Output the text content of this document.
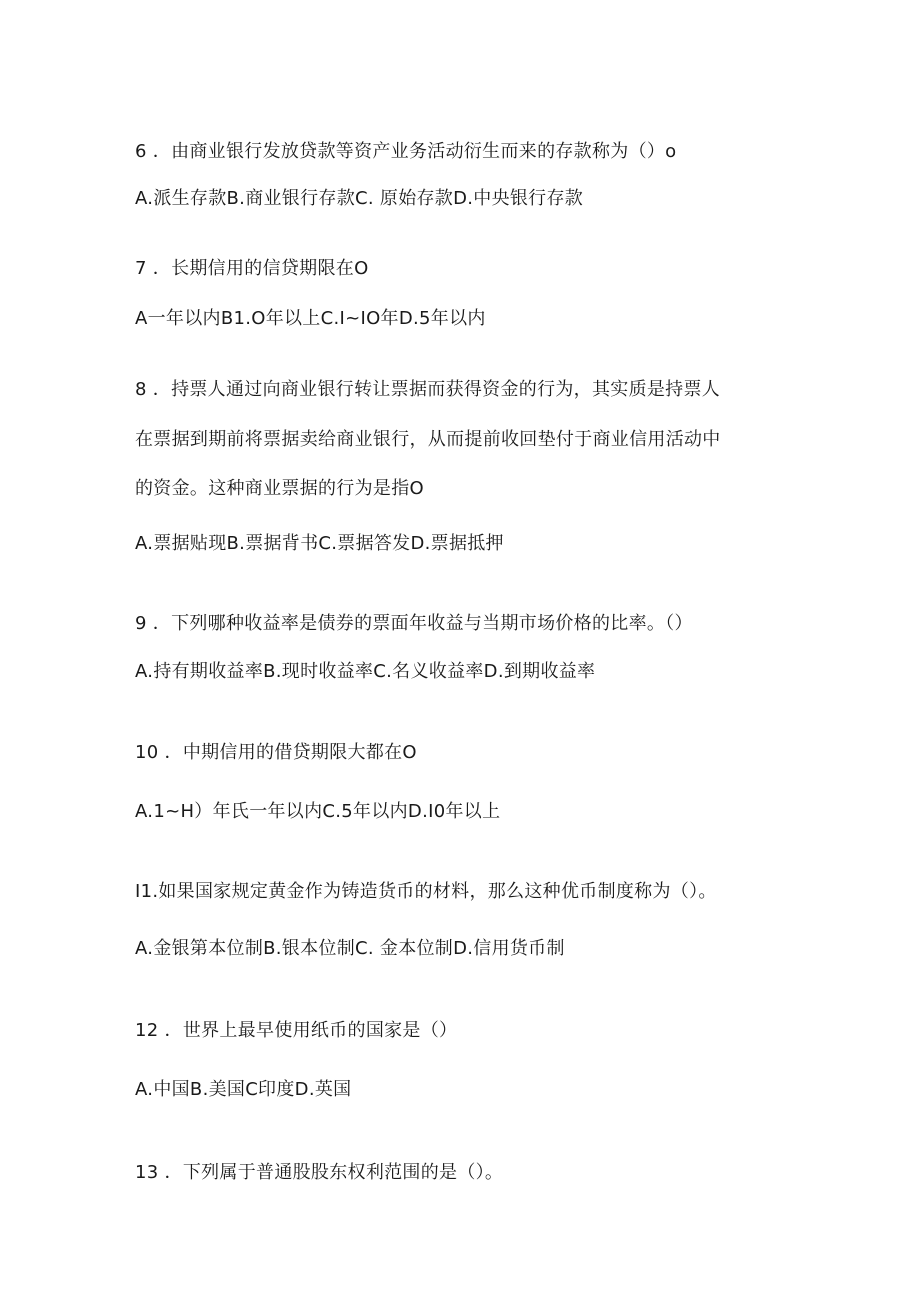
6 ．由商业银行发放贷款等资产业务活动衍生而来的存款称为（）o
A.派生存款B.商业银行存款C. 原始存款D.中央银行存款
7 ．长期信用的信贷期限在O
A一年以内B1.O年以上C.I~IO年D.5年以内
8 ．持票人通过向商业银行转让票据而获得资金的行为，其实质是持票人
在票据到期前将票据卖给商业银行，从而提前收回垫付于商业信用活动中
的资金。这种商业票据的行为是指O
A.票据贴现B.票据背书C.票据答发D.票据抵押
9 ．下列哪种收益率是债券的票面年收益与当期市场价格的比率。（）
A.持有期收益率B.现时收益率C.名义收益率D.到期收益率
10 ．中期信用的借贷期限大都在O
A.1~H）年氏一年以内C.5年以内D.I0年以上
I1.如果国家规定黄金作为铸造货币的材料，那么这种优币制度称为（）。
A.金银第本位制B.银本位制C. 金本位制D.信用货币制
12 ．世界上最早使用纸币的国家是（）
A.中国B.美国C印度D.英国
13 ．下列属于普通股股东权利范围的是（）。
